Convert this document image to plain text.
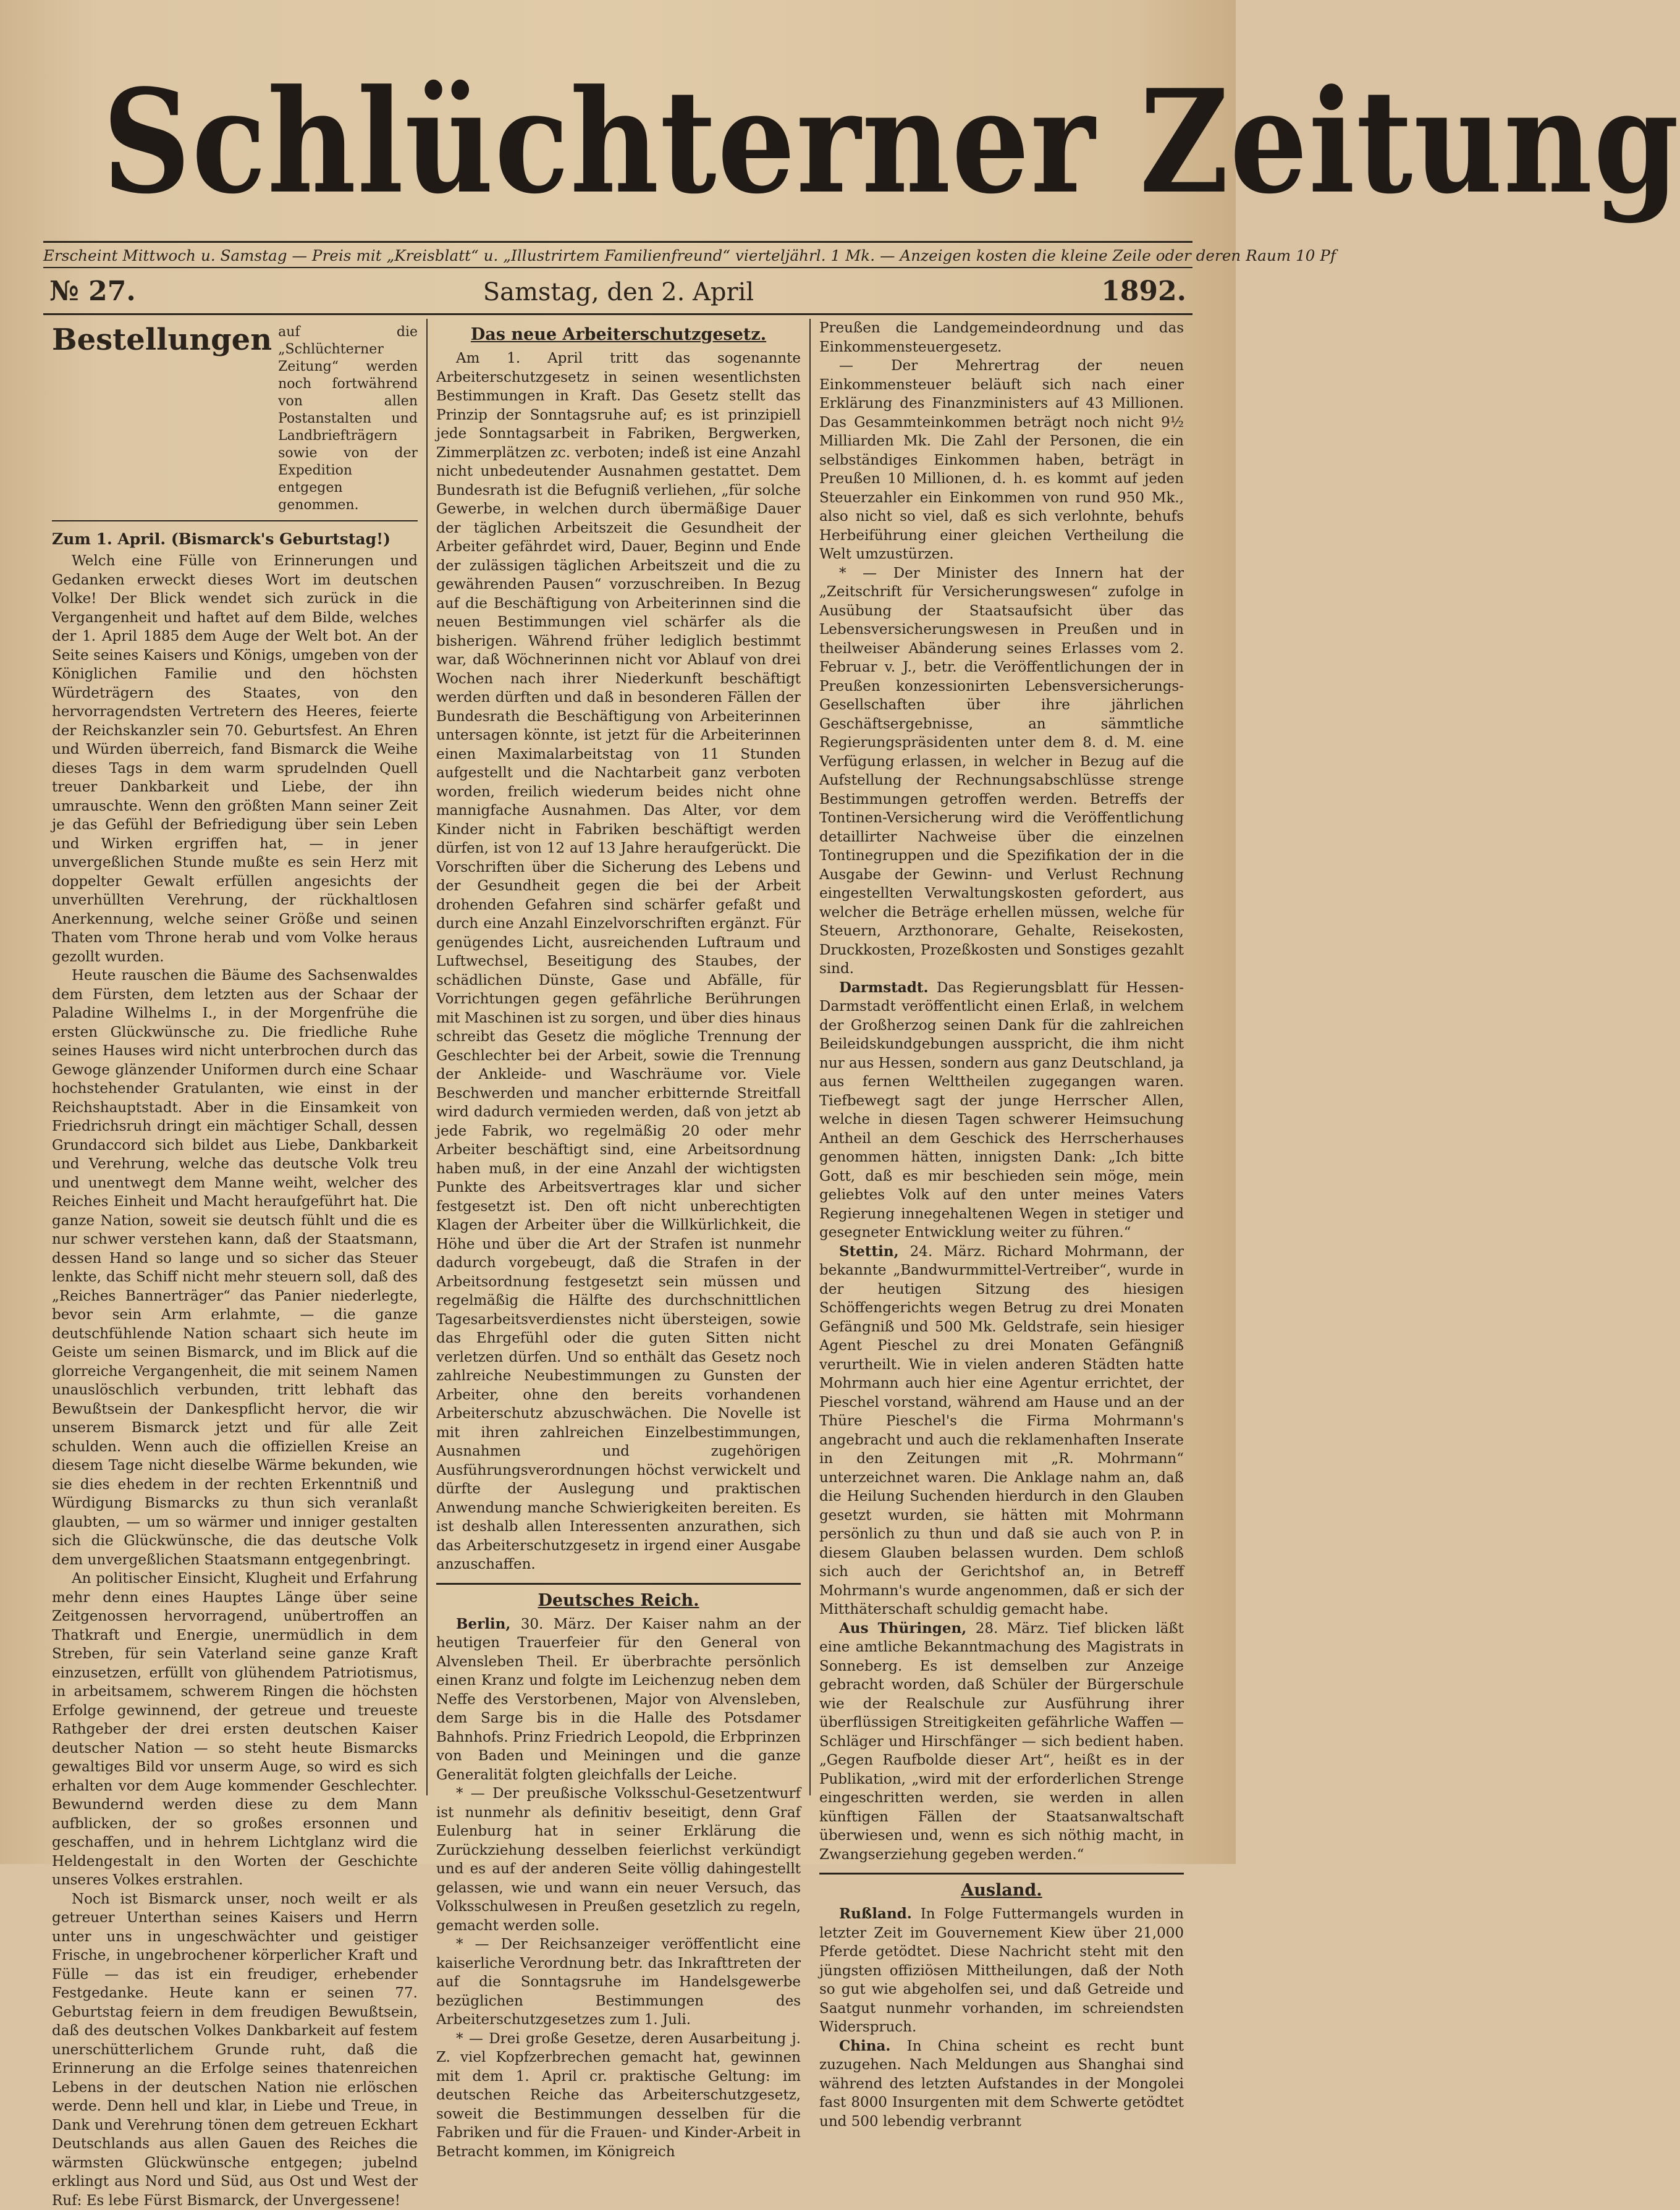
Schlüchterner Zeitung
Erscheint Mittwoch u. Samstag — Preis mit „Kreisblatt“ u. „Illustrirtem Familienfreund“ vierteljährl. 1 Mk. — Anzeigen kosten die kleine Zeile oder deren Raum 10 Pf
№ 27.	Samstag, den 2. April	1892.
Bestellungen auf die „Schlüchterner Zeitung“ werden noch fortwährend von allen Postanstalten und Landbriefträgern sowie von der Expedition entgegen genommen.
Zum 1. April. (Bismarck's Geburtstag!)

Welch eine Fülle von Erinnerungen und Gedanken erweckt dieses Wort im deutschen Volke! Der Blick wendet sich zurück in die Vergangenheit und haftet auf dem Bilde, welches der 1. April 1885 dem Auge der Welt bot. An der Seite seines Kaisers und Königs, umgeben von der Königlichen Familie und den höchsten Würdeträgern des Staates, von den hervorragendsten Vertretern des Heeres, feierte der Reichskanzler sein 70. Geburtsfest. An Ehren und Würden überreich, fand Bismarck die Weihe dieses Tags in dem warm sprudelnden Quell treuer Dankbarkeit und Liebe, der ihn umrauschte. Wenn den größten Mann seiner Zeit je das Gefühl der Befriedigung über sein Leben und Wirken ergriffen hat, — in jener unvergeßlichen Stunde mußte es sein Herz mit doppelter Gewalt erfüllen angesichts der unverhüllten Verehrung, der rückhaltlosen Anerkennung, welche seiner Größe und seinen Thaten vom Throne herab und vom Volke heraus gezollt wurden.

Heute rauschen die Bäume des Sachsenwaldes dem Fürsten, dem letzten aus der Schaar der Paladine Wilhelms I., in der Morgenfrühe die ersten Glückwünsche zu. Die friedliche Ruhe seines Hauses wird nicht unterbrochen durch das Gewoge glänzender Uniformen durch eine Schaar hochstehender Gratulanten, wie einst in der Reichshauptstadt. Aber in die Einsamkeit von Friedrichsruh dringt ein mächtiger Schall, dessen Grundaccord sich bildet aus Liebe, Dankbarkeit und Verehrung, welche das deutsche Volk treu und unentwegt dem Manne weiht, welcher des Reiches Einheit und Macht heraufgeführt hat. Die ganze Nation, soweit sie deutsch fühlt und die es nur schwer verstehen kann, daß der Staatsmann, dessen Hand so lange und so sicher das Steuer lenkte, das Schiff nicht mehr steuern soll, daß des „Reiches Bannerträger“ das Panier niederlegte, bevor sein Arm erlahmte, — die ganze deutschfühlende Nation schaart sich heute im Geiste um seinen Bismarck, und im Blick auf die glorreiche Vergangenheit, die mit seinem Namen unauslöschlich verbunden, tritt lebhaft das Bewußtsein der Dankespflicht hervor, die wir unserem Bismarck jetzt und für alle Zeit schulden. Wenn auch die offiziellen Kreise an diesem Tage nicht dieselbe Wärme bekunden, wie sie dies ehedem in der rechten Erkenntniß und Würdigung Bismarcks zu thun sich veranlaßt glaubten, — um so wärmer und inniger gestalten sich die Glückwünsche, die das deutsche Volk dem unvergeßlichen Staatsmann entgegenbringt.

An politischer Einsicht, Klugheit und Erfahrung mehr denn eines Hauptes Länge über seine Zeitgenossen hervorragend, unübertroffen an Thatkraft und Energie, unermüdlich in dem Streben, für sein Vaterland seine ganze Kraft einzusetzen, erfüllt von glühendem Patriotismus, in arbeitsamem, schwerem Ringen die höchsten Erfolge gewinnend, der getreue und treueste Rathgeber der drei ersten deutschen Kaiser deutscher Nation — so steht heute Bismarcks gewaltiges Bild vor unserm Auge, so wird es sich erhalten vor dem Auge kommender Geschlechter. Bewundernd werden diese zu dem Mann aufblicken, der so großes ersonnen und geschaffen, und in hehrem Lichtglanz wird die Heldengestalt in den Worten der Geschichte unseres Volkes erstrahlen.

Noch ist Bismarck unser, noch weilt er als getreuer Unterthan seines Kaisers und Herrn unter uns in ungeschwächter und geistiger Frische, in ungebrochener körperlicher Kraft und Fülle — das ist ein freudiger, erhebender Festgedanke. Heute kann er seinen 77. Geburtstag feiern in dem freudigen Bewußtsein, daß des deutschen Volkes Dankbarkeit auf festem unerschütterlichem Grunde ruht, daß die Erinnerung an die Erfolge seines thatenreichen Lebens in der deutschen Nation nie erlöschen werde. Denn hell und klar, in Liebe und Treue, in Dank und Verehrung tönen dem getreuen Eckhart Deutschlands aus allen Gauen des Reiches die wärmsten Glückwünsche entgegen; jubelnd erklingt aus Nord und Süd, aus Ost und West der Ruf: Es lebe Fürst Bismarck, der Unvergessene!

Das neue Arbeiterschutzgesetz.

Am 1. April tritt das sogenannte Arbeiterschutzgesetz in seinen wesentlichsten Bestimmungen in Kraft. Das Gesetz stellt das Prinzip der Sonntagsruhe auf; es ist prinzipiell jede Sonntagsarbeit in Fabriken, Bergwerken, Zimmerplätzen zc. verboten; indeß ist eine Anzahl nicht unbedeutender Ausnahmen gestattet. Dem Bundesrath ist die Befugniß verliehen, „für solche Gewerbe, in welchen durch übermäßige Dauer der täglichen Arbeitszeit die Gesundheit der Arbeiter gefährdet wird, Dauer, Beginn und Ende der zulässigen täglichen Arbeitszeit und die zu gewährenden Pausen“ vorzuschreiben. In Bezug auf die Beschäftigung von Arbeiterinnen sind die neuen Bestimmungen viel schärfer als die bisherigen. Während früher lediglich bestimmt war, daß Wöchnerinnen nicht vor Ablauf von drei Wochen nach ihrer Niederkunft beschäftigt werden dürften und daß in besonderen Fällen der Bundesrath die Beschäftigung von Arbeiterinnen untersagen könnte, ist jetzt für die Arbeiterinnen einen Maximalarbeitstag von 11 Stunden aufgestellt und die Nachtarbeit ganz verboten worden, freilich wiederum beides nicht ohne mannigfache Ausnahmen. Das Alter, vor dem Kinder nicht in Fabriken beschäftigt werden dürfen, ist von 12 auf 13 Jahre heraufgerückt. Die Vorschriften über die Sicherung des Lebens und der Gesundheit gegen die bei der Arbeit drohenden Gefahren sind schärfer gefaßt und durch eine Anzahl Einzelvorschriften ergänzt. Für genügendes Licht, ausreichenden Luftraum und Luftwechsel, Beseitigung des Staubes, der schädlichen Dünste, Gase und Abfälle, für Vorrichtungen gegen gefährliche Berührungen mit Maschinen ist zu sorgen, und über dies hinaus schreibt das Gesetz die mögliche Trennung der Geschlechter bei der Arbeit, sowie die Trennung der Ankleide- und Waschräume vor. Viele Beschwerden und mancher erbitternde Streitfall wird dadurch vermieden werden, daß von jetzt ab jede Fabrik, wo regelmäßig 20 oder mehr Arbeiter beschäftigt sind, eine Arbeitsordnung haben muß, in der eine Anzahl der wichtigsten Punkte des Arbeitsvertrages klar und sicher festgesetzt ist. Den oft nicht unberechtigten Klagen der Arbeiter über die Willkürlichkeit, die Höhe und über die Art der Strafen ist nunmehr dadurch vorgebeugt, daß die Strafen in der Arbeitsordnung festgesetzt sein müssen und regelmäßig die Hälfte des durchschnittlichen Tagesarbeitsverdienstes nicht übersteigen, sowie das Ehrgefühl oder die guten Sitten nicht verletzen dürfen. Und so enthält das Gesetz noch zahlreiche Neubestimmungen zu Gunsten der Arbeiter, ohne den bereits vorhandenen Arbeiterschutz abzuschwächen. Die Novelle ist mit ihren zahlreichen Einzelbestimmungen, Ausnahmen und zugehörigen Ausführungsverordnungen höchst verwickelt und dürfte der Auslegung und praktischen Anwendung manche Schwierigkeiten bereiten. Es ist deshalb allen Interessenten anzurathen, sich das Arbeiterschutzgesetz in irgend einer Ausgabe anzuschaffen.

Deutsches Reich.

Berlin, 30. März. Der Kaiser nahm an der heutigen Trauerfeier für den General von Alvensleben Theil. Er überbrachte persönlich einen Kranz und folgte im Leichenzug neben dem Neffe des Verstorbenen, Major von Alvensleben, dem Sarge bis in die Halle des Potsdamer Bahnhofs. Prinz Friedrich Leopold, die Erbprinzen von Baden und Meiningen und die ganze Generalität folgten gleichfalls der Leiche.

* — Der preußische Volksschul-Gesetzentwurf ist nunmehr als definitiv beseitigt, denn Graf Eulenburg hat in seiner Erklärung die Zurückziehung desselben feierlichst verkündigt und es auf der anderen Seite völlig dahingestellt gelassen, wie und wann ein neuer Versuch, das Volksschulwesen in Preußen gesetzlich zu regeln, gemacht werden solle.

* — Der Reichsanzeiger veröffentlicht eine kaiserliche Verordnung betr. das Inkrafttreten der auf die Sonntagsruhe im Handelsgewerbe bezüglichen Bestimmungen des Arbeiterschutzgesetzes zum 1. Juli.

* — Drei große Gesetze, deren Ausarbeitung j. Z. viel Kopfzerbrechen gemacht hat, gewinnen mit dem 1. April cr. praktische Geltung: im deutschen Reiche das Arbeiterschutzgesetz, soweit die Bestimmungen desselben für die Fabriken und für die Frauen- und Kinder-Arbeit in Betracht kommen, im Königreich

Preußen die Landgemeindeordnung und das Einkommensteuergesetz.

— Der Mehrertrag der neuen Einkommensteuer beläuft sich nach einer Erklärung des Finanzministers auf 43 Millionen. Das Gesammteinkommen beträgt noch nicht 9½ Milliarden Mk. Die Zahl der Personen, die ein selbständiges Einkommen haben, beträgt in Preußen 10 Millionen, d. h. es kommt auf jeden Steuerzahler ein Einkommen von rund 950 Mk., also nicht so viel, daß es sich verlohnte, behufs Herbeiführung einer gleichen Vertheilung die Welt umzustürzen.

* — Der Minister des Innern hat der „Zeitschrift für Versicherungswesen“ zufolge in Ausübung der Staatsaufsicht über das Lebensversicherungswesen in Preußen und in theilweiser Abänderung seines Erlasses vom 2. Februar v. J., betr. die Veröffentlichungen der in Preußen konzessionirten Lebensversicherungs-Gesellschaften über ihre jährlichen Geschäftsergebnisse, an sämmtliche Regierungspräsidenten unter dem 8. d. M. eine Verfügung erlassen, in welcher in Bezug auf die Aufstellung der Rechnungsabschlüsse strenge Bestimmungen getroffen werden. Betreffs der Tontinen-Versicherung wird die Veröffentlichung detaillirter Nachweise über die einzelnen Tontinegruppen und die Spezifikation der in die Ausgabe der Gewinn- und Verlust Rechnung eingestellten Verwaltungskosten gefordert, aus welcher die Beträge erhellen müssen, welche für Steuern, Arzthonorare, Gehalte, Reisekosten, Druckkosten, Prozeßkosten und Sonstiges gezahlt sind.

Darmstadt. Das Regierungsblatt für Hessen-Darmstadt veröffentlicht einen Erlaß, in welchem der Großherzog seinen Dank für die zahlreichen Beileidskundgebungen ausspricht, die ihm nicht nur aus Hessen, sondern aus ganz Deutschland, ja aus fernen Welttheilen zugegangen waren. Tiefbewegt sagt der junge Herrscher Allen, welche in diesen Tagen schwerer Heimsuchung Antheil an dem Geschick des Herrscherhauses genommen hätten, innigsten Dank: „Ich bitte Gott, daß es mir beschieden sein möge, mein geliebtes Volk auf den unter meines Vaters Regierung innegehaltenen Wegen in stetiger und gesegneter Entwicklung weiter zu führen.“

Stettin, 24. März. Richard Mohrmann, der bekannte „Bandwurmmittel-Vertreiber“, wurde in der heutigen Sitzung des hiesigen Schöffengerichts wegen Betrug zu drei Monaten Gefängniß und 500 Mk. Geldstrafe, sein hiesiger Agent Pieschel zu drei Monaten Gefängniß verurtheilt. Wie in vielen anderen Städten hatte Mohrmann auch hier eine Agentur errichtet, der Pieschel vorstand, während am Hause und an der Thüre Pieschel's die Firma Mohrmann's angebracht und auch die reklamenhaften Inserate in den Zeitungen mit „R. Mohrmann“ unterzeichnet waren. Die Anklage nahm an, daß die Heilung Suchenden hierdurch in den Glauben gesetzt wurden, sie hätten mit Mohrmann persönlich zu thun und daß sie auch von P. in diesem Glauben belassen wurden. Dem schloß sich auch der Gerichtshof an, in Betreff Mohrmann's wurde angenommen, daß er sich der Mitthäterschaft schuldig gemacht habe.

Aus Thüringen, 28. März. Tief blicken läßt eine amtliche Bekanntmachung des Magistrats in Sonneberg. Es ist demselben zur Anzeige gebracht worden, daß Schüler der Bürgerschule wie der Realschule zur Ausführung ihrer überflüssigen Streitigkeiten gefährliche Waffen — Schläger und Hirschfänger — sich bedient haben. „Gegen Raufbolde dieser Art“, heißt es in der Publikation, „wird mit der erforderlichen Strenge eingeschritten werden, sie werden in allen künftigen Fällen der Staatsanwaltschaft überwiesen und, wenn es sich nöthig macht, in Zwangserziehung gegeben werden.“

Ausland.

Rußland. In Folge Futtermangels wurden in letzter Zeit im Gouvernement Kiew über 21,000 Pferde getödtet. Diese Nachricht steht mit den jüngsten offiziösen Mittheilungen, daß der Noth so gut wie abgeholfen sei, und daß Getreide und Saatgut nunmehr vorhanden, im schreiendsten Widerspruch.

China. In China scheint es recht bunt zuzugehen. Nach Meldungen aus Shanghai sind während des letzten Aufstandes in der Mongolei fast 8000 Insurgenten mit dem Schwerte getödtet und 500 lebendig verbrannt
